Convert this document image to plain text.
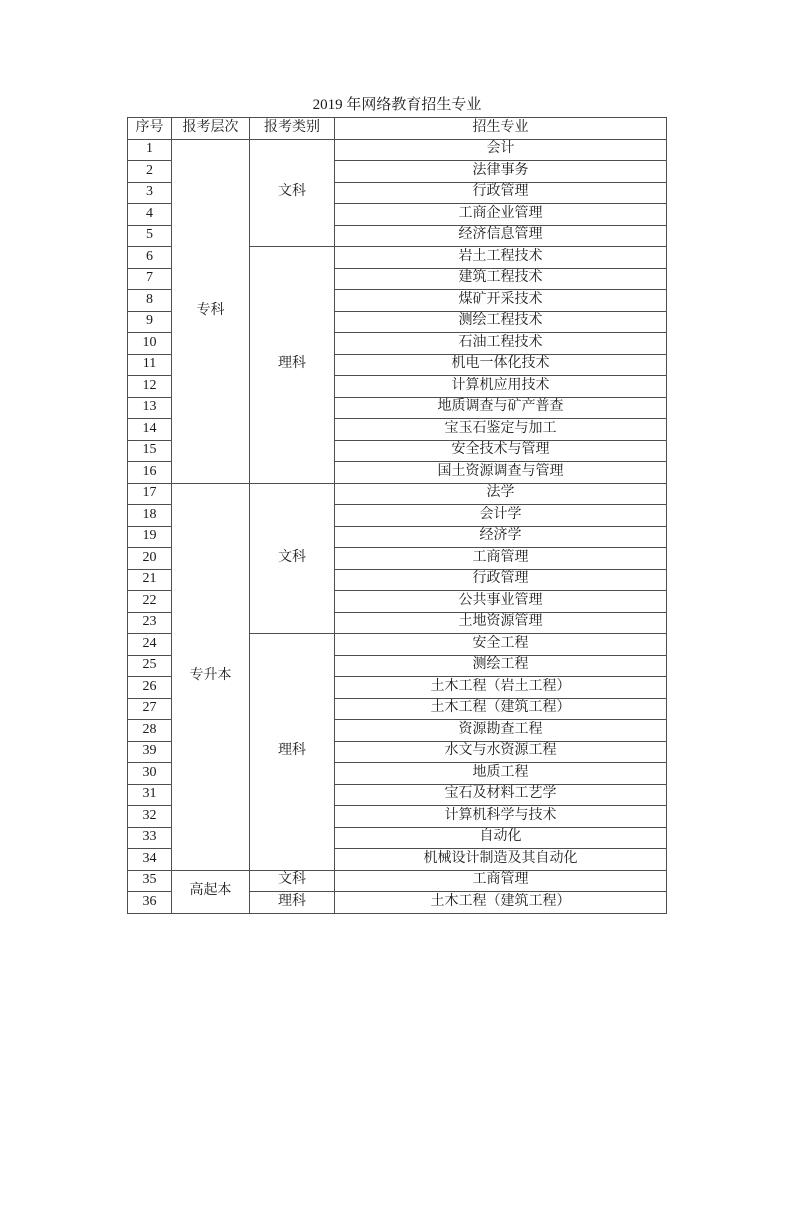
2019 年网络教育招生专业
序号	报考层次	报考类别	招生专业
1	专科	文科	会计
2			法律事务
3			行政管理
4			工商企业管理
5			经济信息管理
6		理科	岩土工程技术
7			建筑工程技术
8			煤矿开采技术
9			测绘工程技术
10			石油工程技术
11			机电一体化技术
12			计算机应用技术
13			地质调查与矿产普查
14			宝玉石鉴定与加工
15			安全技术与管理
16			国土资源调查与管理
17	专升本	文科	法学
18			会计学
19			经济学
20			工商管理
21			行政管理
22			公共事业管理
23			土地资源管理
24		理科	安全工程
25			测绘工程
26			土木工程（岩土工程）
27			土木工程（建筑工程）
28			资源勘查工程
39			水文与水资源工程
30			地质工程
31			宝石及材料工艺学
32			计算机科学与技术
33			自动化
34			机械设计制造及其自动化
35	高起本	文科	工商管理
36		理科	土木工程（建筑工程）
